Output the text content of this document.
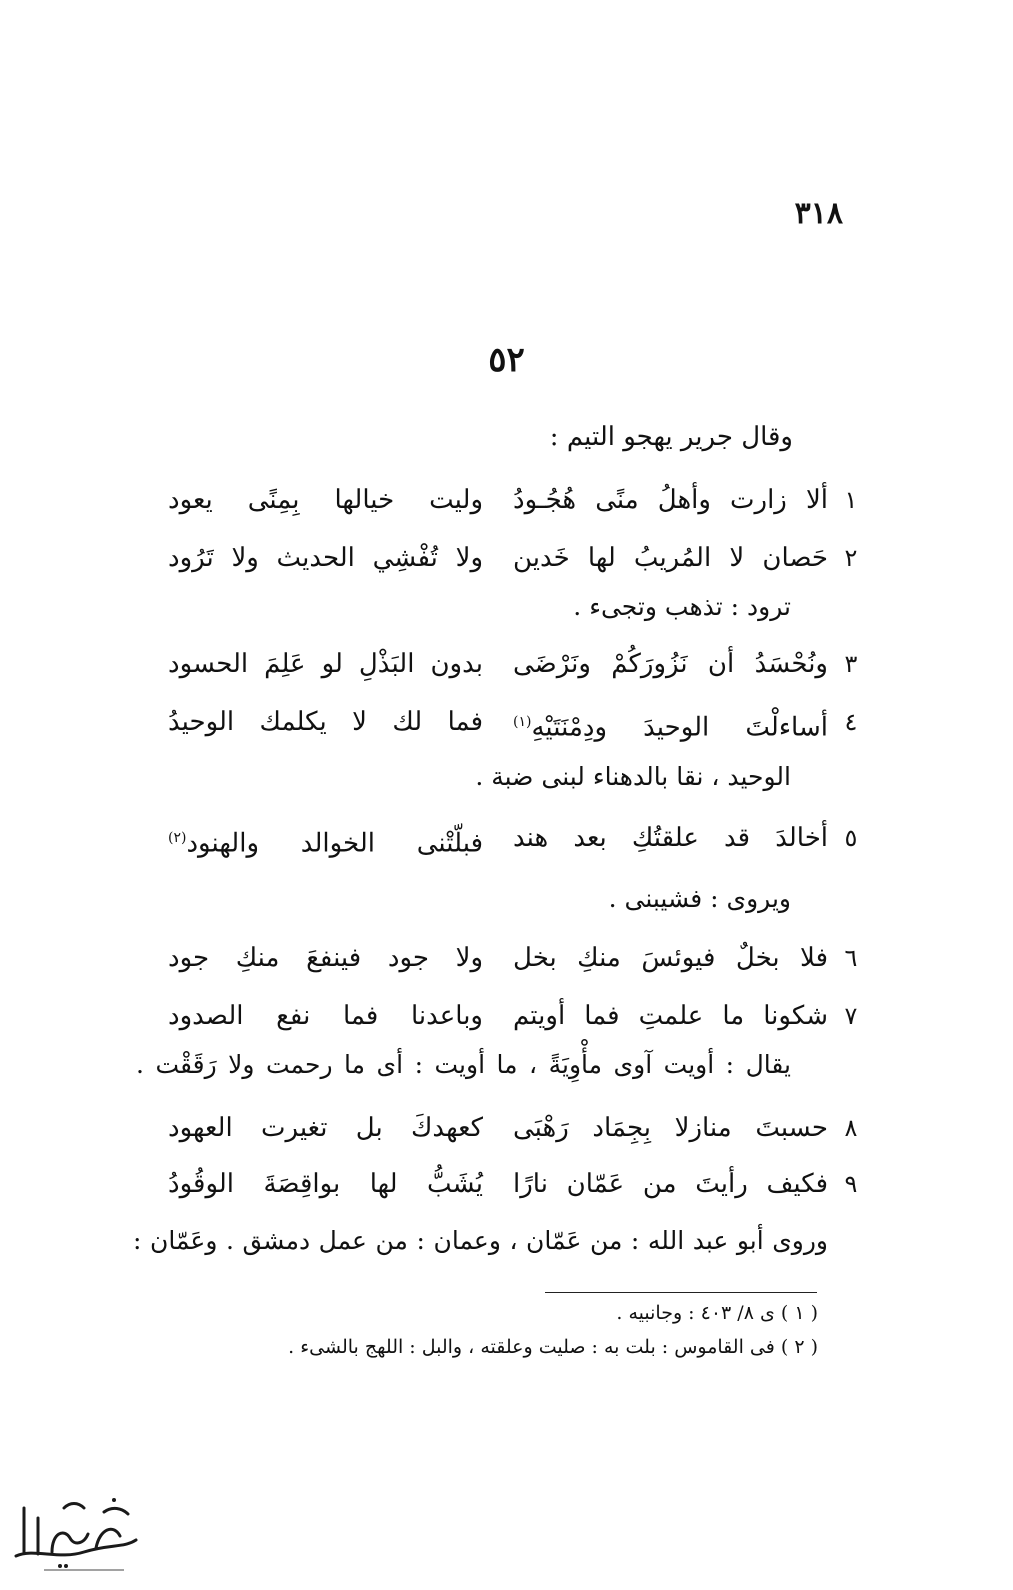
٣١٨
٥٢
وقال جرير يهجو التيم :
١
ألا زارت وأهلُ منًى هُجُـودُ
وليت خيالها بِمِنًى يعود
٢
حَصان لا المُريبُ لها خَدين
ولا تُفْشِي الحديث ولا تَرُود
ترود : تذهب وتجىء .
٣
ونُحْسَدُ أن نَزُورَكُمْ ونَرْضَى
بدون البَذْلِ لو عَلِمَ الحسود
٤
أساءلْتَ الوحيدَ ودِمْنَتَيْهِ$^{(١)}$
فما لك لا يكلمك الوحيدُ
الوحيد ، نقا بالدهناء لبنى ضبة .
٥
أخالدَ قد علقتُكِ بعد هند
فبلّتْنى الخوالد والهنود$^{(٢)}$
ويروى : فشيبنى .
٦
فلا بخلٌ فيوئسَ منكِ بخل
ولا جود فينفعَ منكِ جود
٧
شكونا ما علمتِ فما أويتم
وباعدنا فما نفع الصدود
يقال : أويت آوى مأْوِيَةً ، ما أويت : أى ما رحمت ولا رَقَقْت .
٨
حسبتَ منازلا بِجِمَاد رَهْبَى
كعهدكَ بل تغيرت العهود
٩
فكيف رأيتَ من عَمّان نارًا
يُشَبُّ لها بواقِصَةَ الوقُودُ
وروى أبو عبد الله : من عَمّان ، وعمان : من عمل دمشق . وعَمّان :
( ١ ) ى ٨/ ٤٠٣ : وجانبيه .
( ٢ ) فى القاموس : بلت به : صليت وعلقته ، والبل : اللهج بالشىء .
